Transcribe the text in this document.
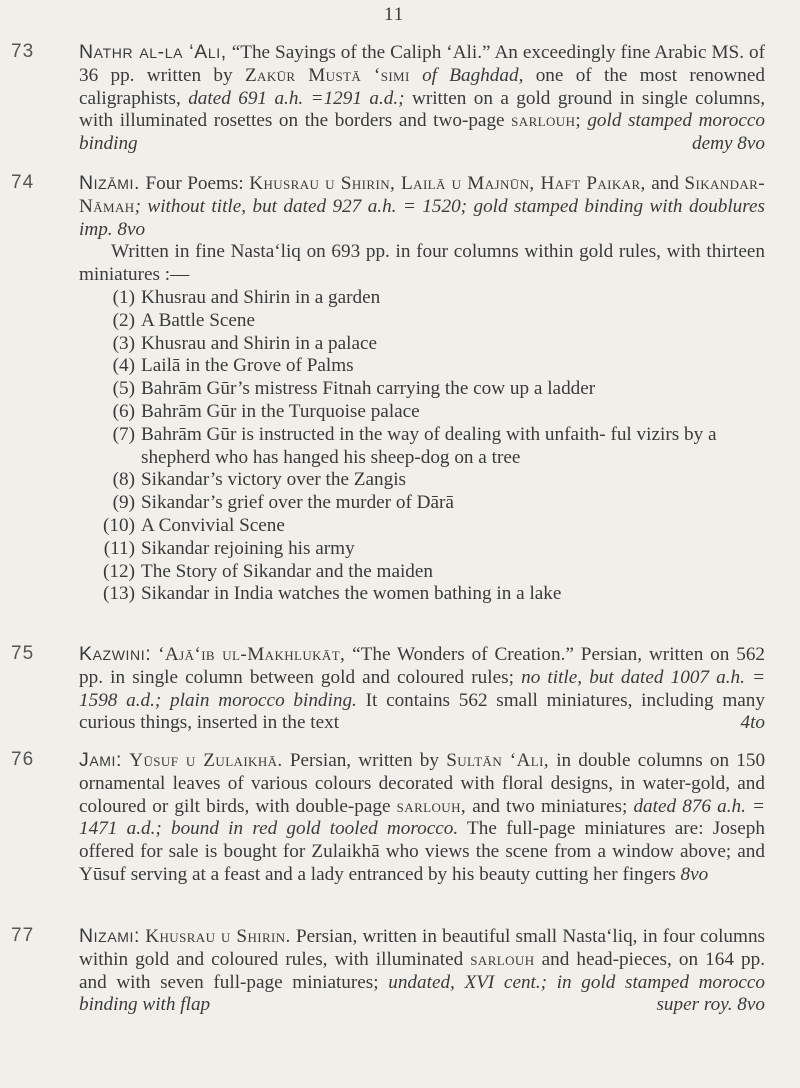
11
73 Nathr al-la ‘Ali, “The Sayings of the Caliph ‘Ali.” An exceedingly fine Arabic MS. of 36 pp. written by Zakūr Mustā ‘simi of Baghdad, one of the most renowned caligraphists, dated 691 a.h. =1291 a.d.; written on a gold ground in single columns, with illuminated rosettes on the borders and two-page sarlouh; gold stamped morocco binding	demy 8vo
74 Nizāmi. Four Poems: Khusrau u Shirin, Lailā u Majnūn, Haft Paikar, and Sikandar-Nāmah; without title, but dated 927 a.h. = 1520; gold stamped binding with doublures imp. 8vo
Written in fine Nasta‘liq on 693 pp. in four columns within gold rules, with thirteen miniatures :—
(1) Khusrau and Shirin in a garden
(2) A Battle Scene
(3) Khusrau and Shirin in a palace
(4) Lailā in the Grove of Palms
(5) Bahrām Gūr’s mistress Fitnah carrying the cow up a ladder
(6) Bahrām Gūr in the Turquoise palace
(7) Bahrām Gūr is instructed in the way of dealing with unfaith- ful vizirs by a shepherd who has hanged his sheep-dog on a tree
(8) Sikandar’s victory over the Zangis
(9) Sikandar’s grief over the murder of Dārā
(10) A Convivial Scene
(11) Sikandar rejoining his army
(12) The Story of Sikandar and the maiden
(13) Sikandar in India watches the women bathing in a lake
75 Kazwini: ‘Ajā‘ib ul-Makhlukāt, “The Wonders of Creation.” Persian, written on 562 pp. in single column between gold and coloured rules; no title, but dated 1007 a.h. = 1598 a.d.; plain morocco binding. It contains 562 small miniatures, including many curious things, inserted in the text	4to
76 Jami: Yūsuf u Zulaikhā. Persian, written by Sultān ‘Ali, in double columns on 150 ornamental leaves of various colours decorated with floral designs, in water-gold, and coloured or gilt birds, with double-page sarlouh, and two miniatures; dated 876 a.h. = 1471 a.d.; bound in red gold tooled morocco. The full-page miniatures are: Joseph offered for sale is bought for Zulaikhā who views the scene from a window above; and Yūsuf serving at a feast and a lady entranced by his beauty cutting her fingers 8vo
77 Nizami: Khusrau u Shirin. Persian, written in beautiful small Nasta‘liq, in four columns within gold and coloured rules, with illuminated sarlouh and head-pieces, on 164 pp. and with seven full-page miniatures; undated, XVI cent.; in gold stamped morocco binding with flap	super roy. 8vo
